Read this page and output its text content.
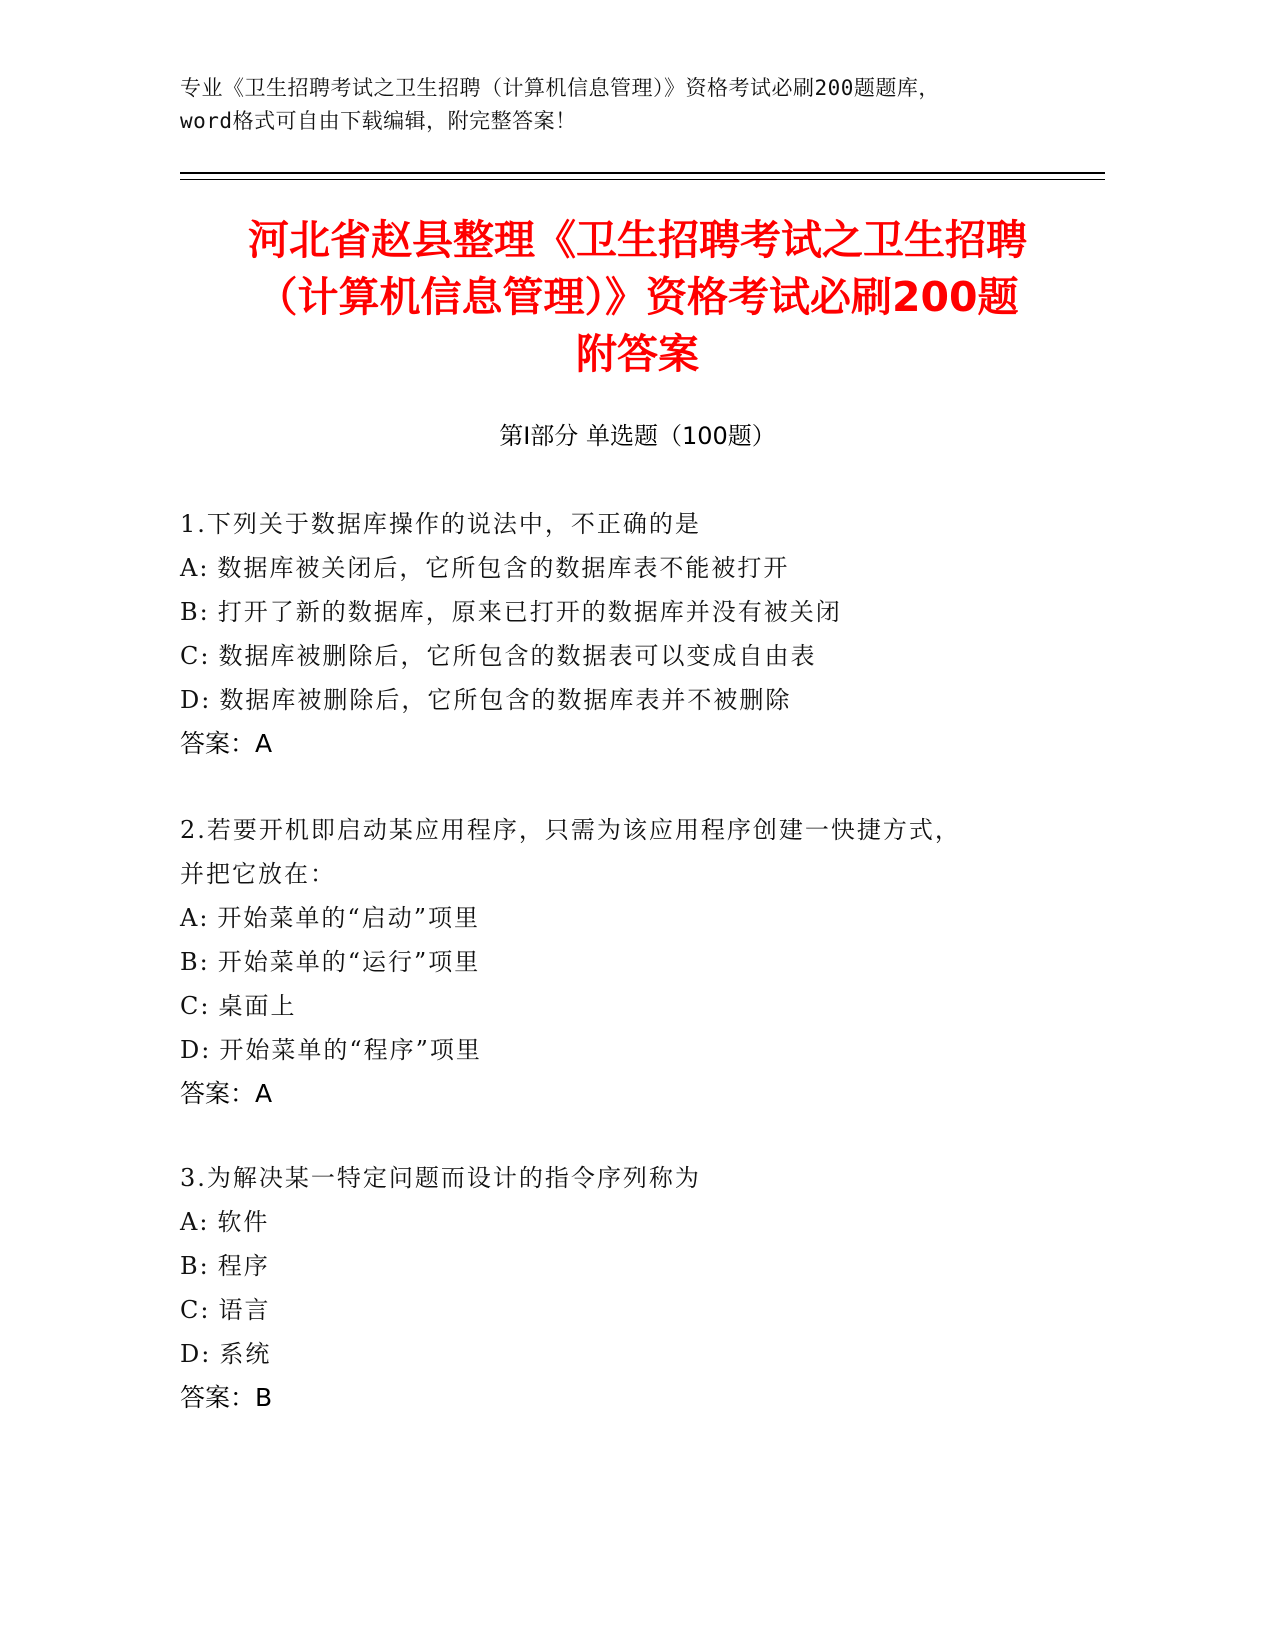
专业《卫生招聘考试之卫生招聘（计算机信息管理）》资格考试必刷200题题库，
word格式可自由下载编辑，附完整答案！
河北省赵县整理《卫生招聘考试之卫生招聘
（计算机信息管理）》资格考试必刷200题
附答案
第I部分 单选题（100题）
1.下列关于数据库操作的说法中，不正确的是
A: 数据库被关闭后，它所包含的数据库表不能被打开
B: 打开了新的数据库，原来已打开的数据库并没有被关闭
C: 数据库被删除后，它所包含的数据表可以变成自由表
D: 数据库被删除后，它所包含的数据库表并不被删除
答案：A
2.若要开机即启动某应用程序，只需为该应用程序创建一快捷方式，
并把它放在：
A: 开始菜单的“启动”项里
B: 开始菜单的“运行”项里
C: 桌面上
D: 开始菜单的“程序”项里
答案：A
3.为解决某一特定问题而设计的指令序列称为
A: 软件
B: 程序
C: 语言
D: 系统
答案：B
